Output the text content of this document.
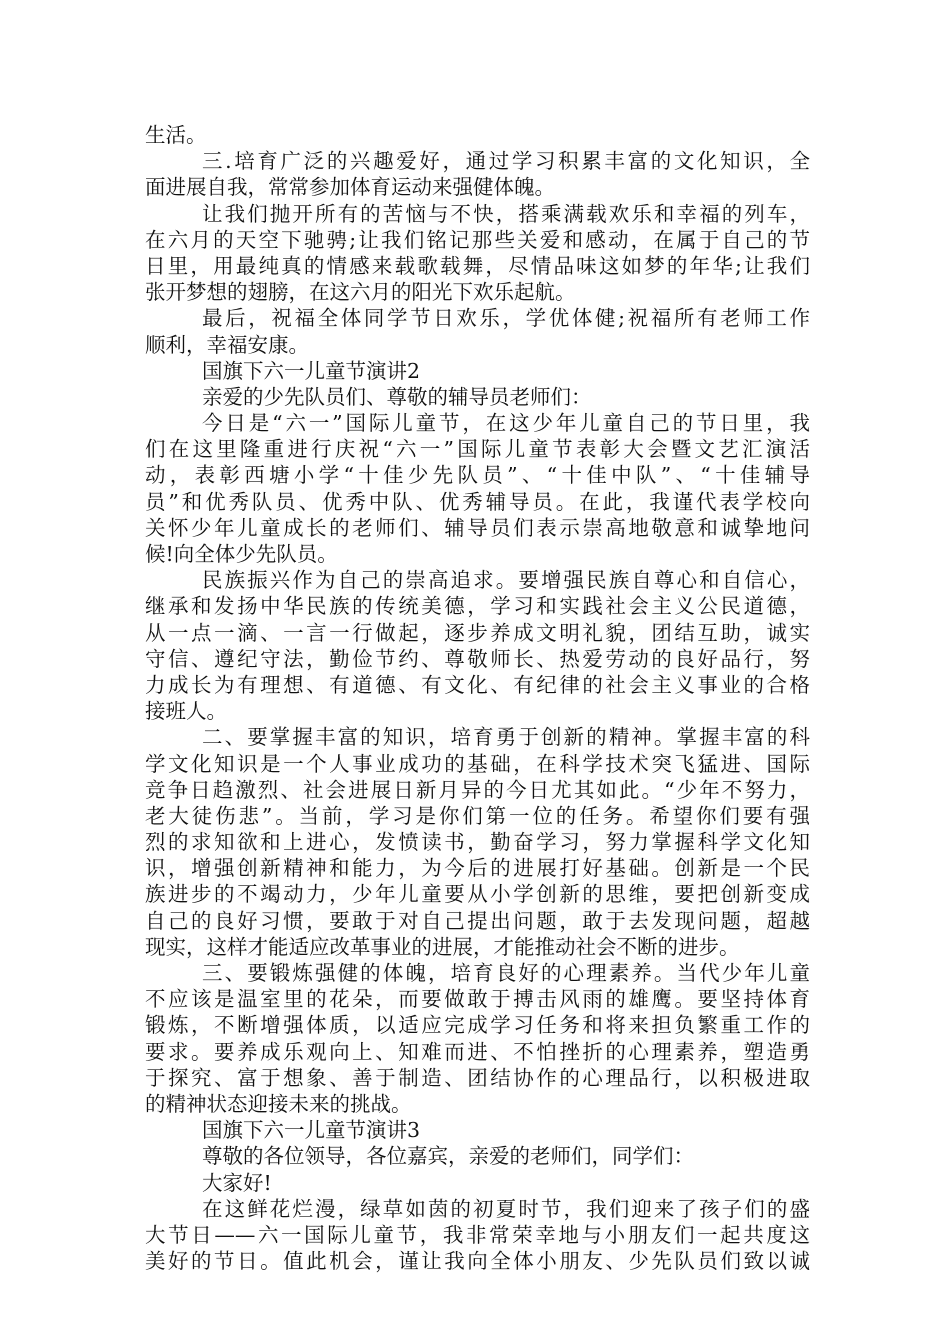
生活。
三.培育广泛的兴趣爱好，通过学习积累丰富的文化知识，全
面进展自我，常常参加体育运动来强健体魄。
让我们抛开所有的苦恼与不快，搭乘满载欢乐和幸福的列车，
在六月的天空下驰骋;让我们铭记那些关爱和感动，在属于自己的节
日里，用最纯真的情感来载歌载舞，尽情品味这如梦的年华;让我们
张开梦想的翅膀，在这六月的阳光下欢乐起航。
最后，祝福全体同学节日欢乐，学优体健;祝福所有老师工作
顺利，幸福安康。
国旗下六一儿童节演讲2
亲爱的少先队员们、尊敬的辅导员老师们：
今日是“六一”国际儿童节，在这少年儿童自己的节日里，我
们在这里隆重进行庆祝“六一”国际儿童节表彰大会暨文艺汇演活
动，表彰西塘小学“十佳少先队员”、“十佳中队”、“十佳辅导
员”和优秀队员、优秀中队、优秀辅导员。在此，我谨代表学校向
关怀少年儿童成长的老师们、辅导员们表示崇高地敬意和诚挚地问
候!向全体少先队员。
民族振兴作为自己的崇高追求。要增强民族自尊心和自信心，
继承和发扬中华民族的传统美德，学习和实践社会主义公民道德，
从一点一滴、一言一行做起，逐步养成文明礼貌，团结互助，诚实
守信、遵纪守法，勤俭节约、尊敬师长、热爱劳动的良好品行，努
力成长为有理想、有道德、有文化、有纪律的社会主义事业的合格
接班人。
二、要掌握丰富的知识，培育勇于创新的精神。掌握丰富的科
学文化知识是一个人事业成功的基础，在科学技术突飞猛进、国际
竞争日趋激烈、社会进展日新月异的今日尤其如此。“少年不努力，
老大徒伤悲”。当前，学习是你们第一位的任务。希望你们要有强
烈的求知欲和上进心，发愤读书，勤奋学习，努力掌握科学文化知
识，增强创新精神和能力，为今后的进展打好基础。创新是一个民
族进步的不竭动力，少年儿童要从小学创新的思维，要把创新变成
自己的良好习惯，要敢于对自己提出问题，敢于去发现问题，超越
现实，这样才能适应改革事业的进展，才能推动社会不断的进步。
三、要锻炼强健的体魄，培育良好的心理素养。当代少年儿童
不应该是温室里的花朵，而要做敢于搏击风雨的雄鹰。要坚持体育
锻炼，不断增强体质，以适应完成学习任务和将来担负繁重工作的
要求。要养成乐观向上、知难而进、不怕挫折的心理素养，塑造勇
于探究、富于想象、善于制造、团结协作的心理品行，以积极进取
的精神状态迎接未来的挑战。
国旗下六一儿童节演讲3
尊敬的各位领导，各位嘉宾，亲爱的老师们，同学们：
大家好!
在这鲜花烂漫，绿草如茵的初夏时节，我们迎来了孩子们的盛
大节日——六一国际儿童节，我非常荣幸地与小朋友们一起共度这
美好的节日。值此机会，谨让我向全体小朋友、少先队员们致以诚
